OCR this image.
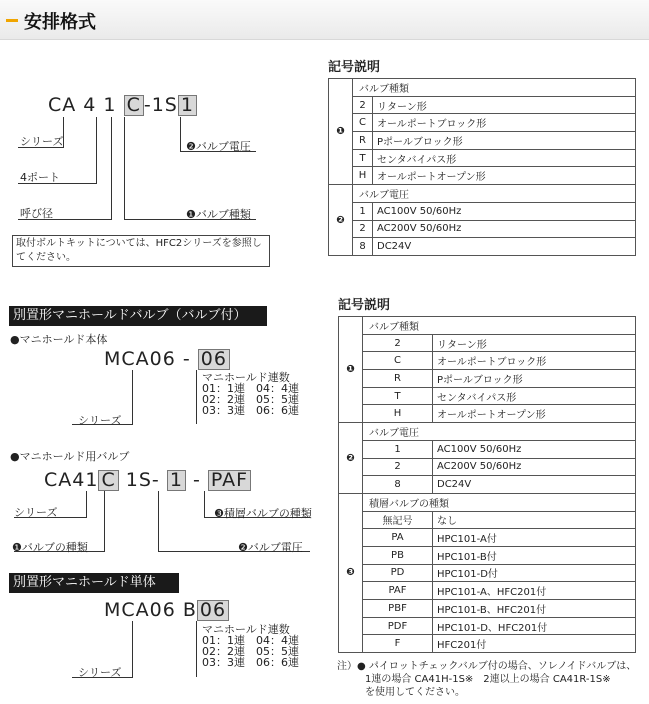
安排格式
CA 4 1 C -1S 1
シリーズ
4ポート
呼び径
❷バルブ電圧
❶バルブ種類
取付ボルトキットについては、HFC2シリーズを参照してください。
記号説明
❶	バルブ種類	
	2	リターン形
	C	オールポートブロック形
	R	Pポールブロック形
	T	センタバイパス形
	H	オールポートオープン形
❷	バルブ電圧	
	1	AC100V 50/60Hz
	2	AC200V 50/60Hz
	8	DC24V
別置形マニホールドバルブ（バルブ付）
●マニホールド本体
MCA06 - 06
シリーズ
マニホールド連数
01：1連　04：4連
02：2連　05：5連
03：3連　06：6連
●マニホールド用バルブ
CA41 C 1S- 1 - PAF
シリーズ	❸積層バルブの種類
❶バルブの種類	❷バルブ電圧
別置形マニホールド単体
MCA06 B 06
シリーズ
マニホールド連数
01：1連　04：4連
02：2連　05：5連
03：3連　06：6連
記号説明
❶	バルブ種類	
	2	リターン形
	C	オールポートブロック形
	R	Pポールブロック形
	T	センタバイパス形
	H	オールポートオープン形
❷	バルブ電圧	
	1	AC100V 50/60Hz
	2	AC200V 50/60Hz
	8	DC24V
❸	積層バルブの種類	
	無記号	なし
	PA	HPC101-A付
	PB	HPC101-B付
	PD	HPC101-D付
	PAF	HPC101-A、HFC201付
	PBF	HPC101-B、HFC201付
	PDF	HPC101-D、HFC201付
	F	HFC201付
注）● パイロットチェックバルブ付の場合、ソレノイドバルブは、
1連の場合 CA41H-1S※　2連以上の場合 CA41R-1S※
を使用してください。
